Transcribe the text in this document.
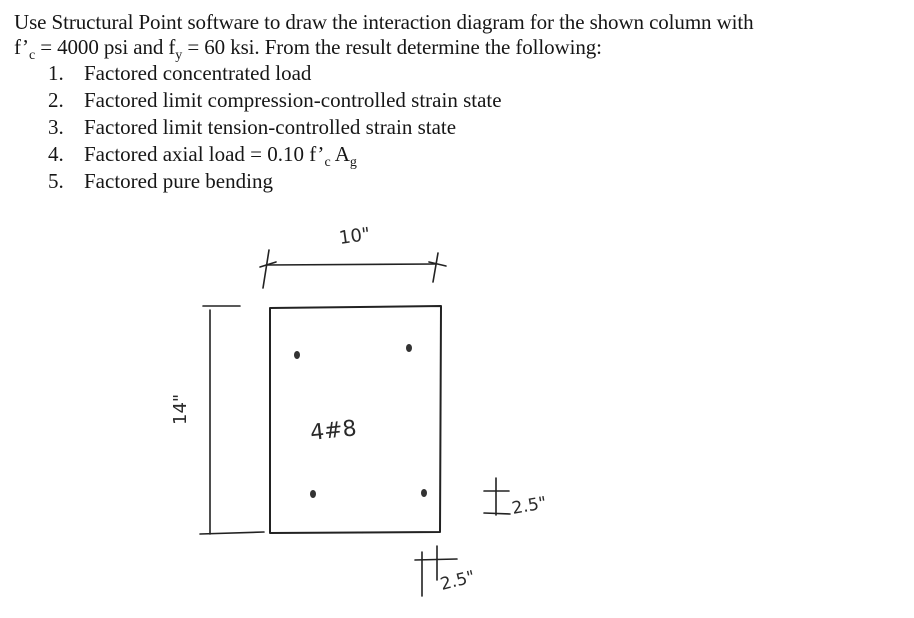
Use Structural Point software to draw the interaction diagram for the shown column with
$f’_c = 4000$ psi and $f_y = 60$ ksi. From the result determine the following:
1. Factored concentrated load
2. Factored limit compression-controlled strain state
3. Factored limit tension-controlled strain state
4. Factored axial load = 0.10 $f’_c$ $A_g$
5. Factored pure bending
10"
14"
4#8
2.5"
2.5"
